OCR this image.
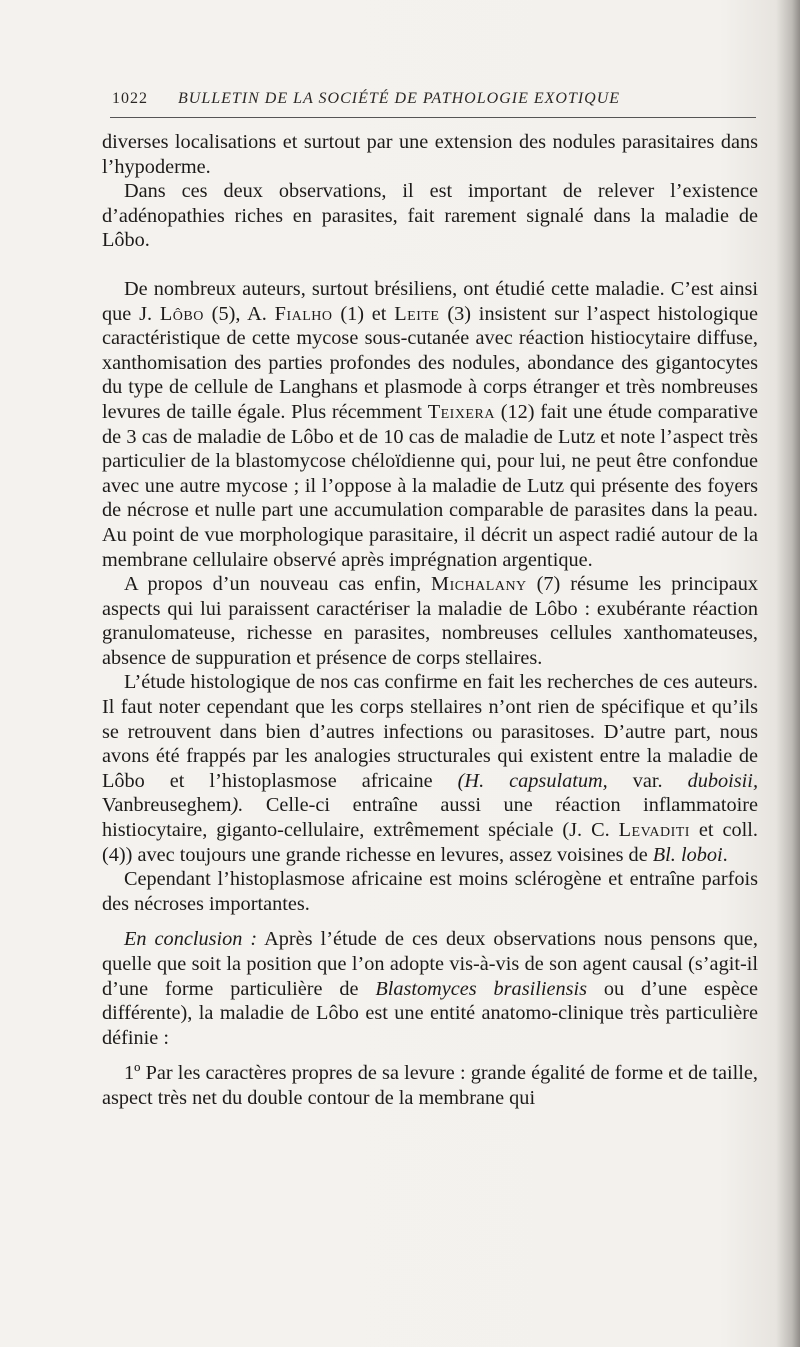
1022 BULLETIN DE LA SOCIÉTÉ DE PATHOLOGIE EXOTIQUE

diverses localisations et surtout par une extension des nodules parasitaires dans l’hypoderme.

Dans ces deux observations, il est important de relever l’existence d’adénopathies riches en parasites, fait rarement signalé dans la maladie de Lôbo.

De nombreux auteurs, surtout brésiliens, ont étudié cette maladie. C’est ainsi que J. Lôbo (5), A. Fialho (1) et Leite (3) insistent sur l’aspect histologique caractéristique de cette mycose sous-cutanée avec réaction histiocytaire diffuse, xanthomisation des parties profondes des nodules, abondance des gigantocytes du type de cellule de Langhans et plasmode à corps étranger et très nombreuses levures de taille égale. Plus récemment Teixera (12) fait une étude comparative de 3 cas de maladie de Lôbo et de 10 cas de maladie de Lutz et note l’aspect très particulier de la blastomycose chéloïdienne qui, pour lui, ne peut être confondue avec une autre mycose ; il l’oppose à la maladie de Lutz qui présente des foyers de nécrose et nulle part une accumulation comparable de parasites dans la peau. Au point de vue morphologique parasitaire, il décrit un aspect radié autour de la membrane cellulaire observé après imprégnation argentique.

A propos d’un nouveau cas enfin, Michalany (7) résume les principaux aspects qui lui paraissent caractériser la maladie de Lôbo : exubérante réaction granulomateuse, richesse en parasites, nombreuses cellules xanthomateuses, absence de suppuration et présence de corps stellaires.

L’étude histologique de nos cas confirme en fait les recherches de ces auteurs. Il faut noter cependant que les corps stellaires n’ont rien de spécifique et qu’ils se retrouvent dans bien d’autres infections ou parasitoses. D’autre part, nous avons été frappés par les analogies structurales qui existent entre la maladie de Lôbo et l’histoplasmose africaine (H. capsulatum, var. duboisii, Vanbreuseghem). Celle-ci entraîne aussi une réaction inflammatoire histiocytaire, giganto-cellulaire, extrêmement spéciale (J. C. Levaditi et coll. (4)) avec toujours une grande richesse en levures, assez voisines de Bl. loboi.

Cependant l’histoplasmose africaine est moins sclérogène et entraîne parfois des nécroses importantes.

En conclusion : Après l’étude de ces deux observations nous pensons que, quelle que soit la position que l’on adopte vis-à-vis de son agent causal (s’agit-il d’une forme particulière de Blastomyces brasiliensis ou d’une espèce différente), la maladie de Lôbo est une entité anatomo-clinique très particulière définie :

1º Par les caractères propres de sa levure : grande égalité de forme et de taille, aspect très net du double contour de la membrane qui
